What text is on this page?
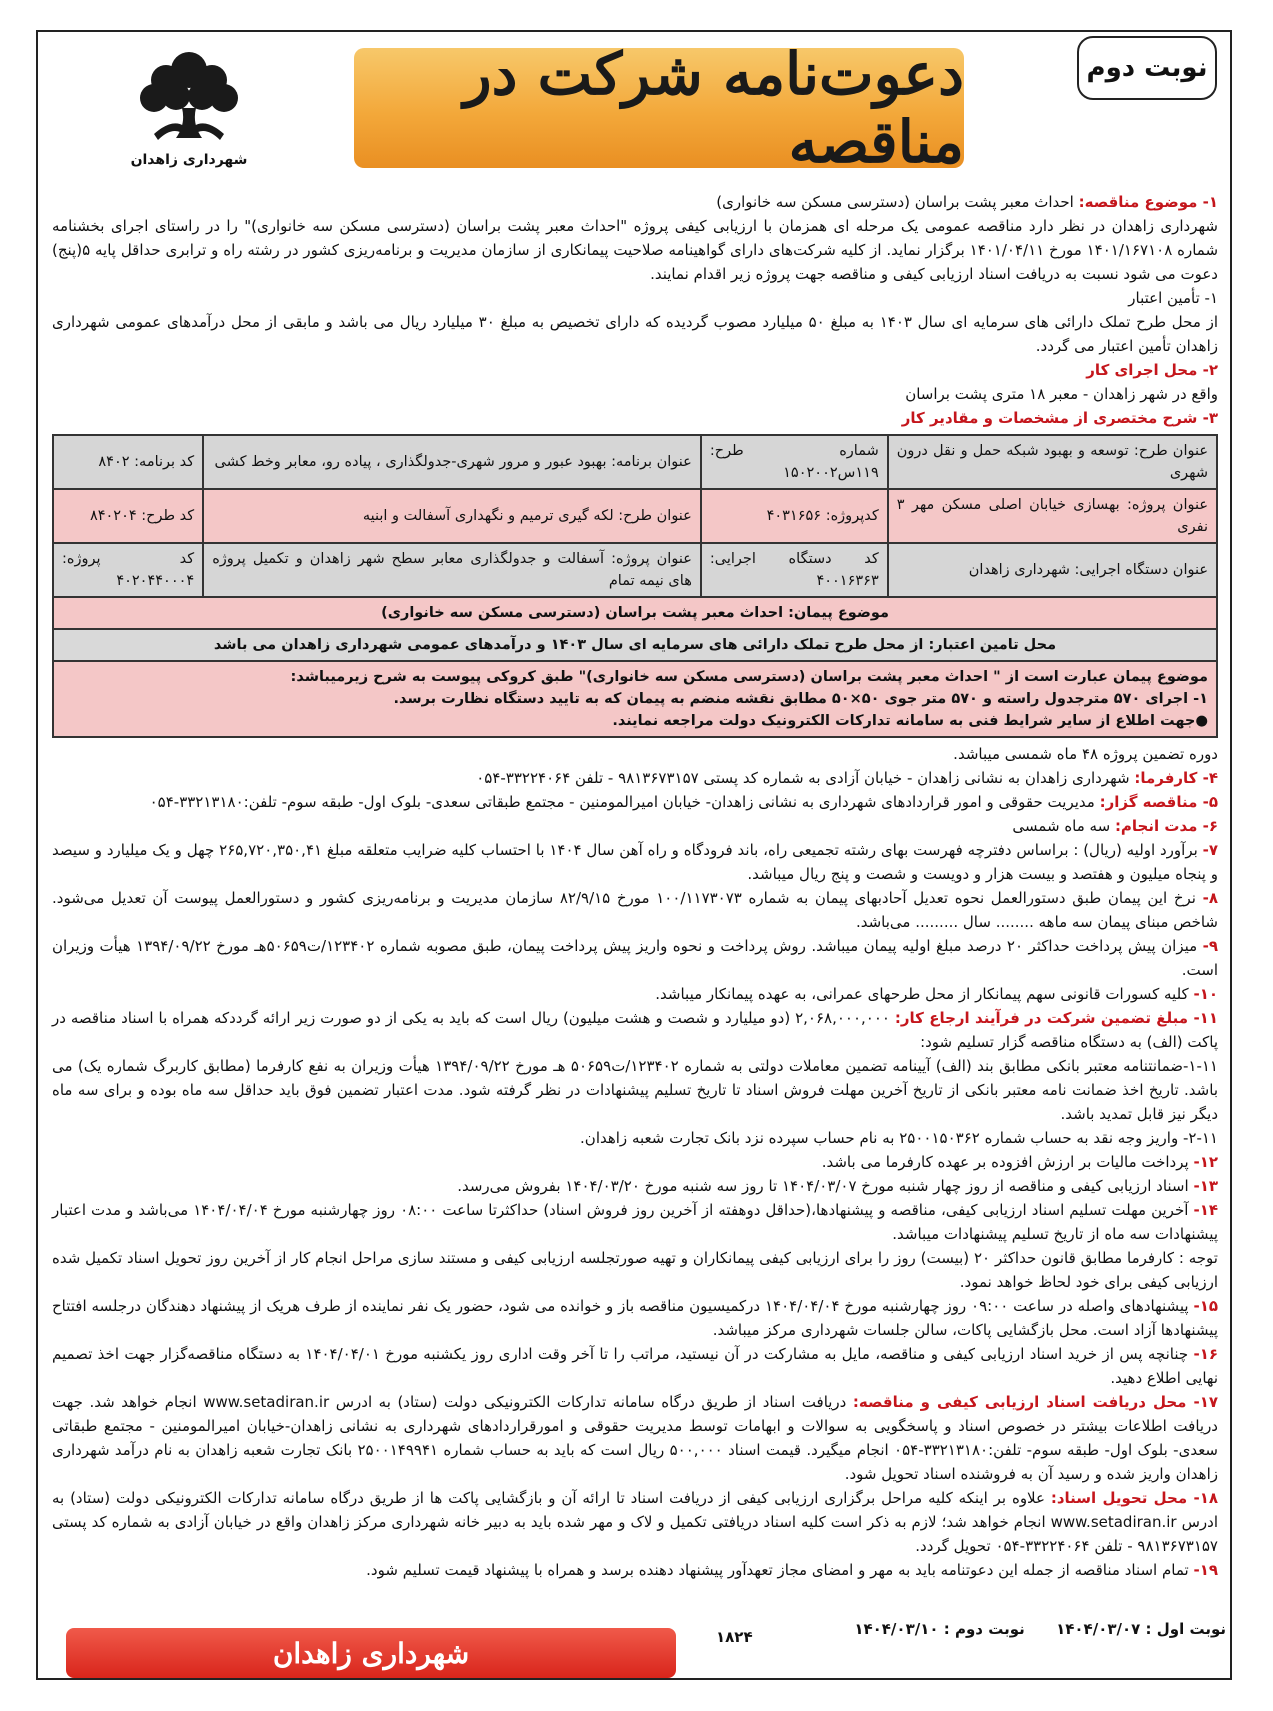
شهرداری زاهدان
دعوت‌نامه شرکت در مناقصه
نوبت دوم

۱- موضوع مناقصه: احداث معبر پشت براسان (دسترسی مسکن سه خانواری)

شهرداری زاهدان در نظر دارد مناقصه عمومی یک مرحله ای همزمان با ارزیابی کیفی پروژه "احداث معبر پشت براسان (دسترسی مسکن سه خانواری)" را در راستای اجرای بخشنامه شماره ۱۴۰۱/۱۶۷۱۰۸ مورخ ۱۴۰۱/۰۴/۱۱ برگزار نماید. از کلیه شرکت‌های دارای گواهینامه صلاحیت پیمانکاری از سازمان مدیریت و برنامه‌ریزی کشور در رشته راه و ترابری حداقل پایه ۵(پنج) دعوت می شود نسبت به دریافت اسناد ارزیابی کیفی و مناقصه جهت پروژه زیر اقدام نمایند.

۱- تأمین اعتبار

از محل طرح تملک دارائی های سرمایه ای سال ۱۴۰۳ به مبلغ ۵۰ میلیارد مصوب گردیده که دارای تخصیص به مبلغ ۳۰ میلیارد ریال می باشد و مابقی از محل درآمدهای عمومی شهرداری زاهدان تأمین اعتبار می گردد.

۲- محل اجرای کار

واقع در شهر زاهدان - معبر ۱۸ متری پشت براسان

۳- شرح مختصری از مشخصات و مقادیر کار

عنوان طرح: توسعه و بهبود شبکه حمل و نقل درون شهری	شماره طرح: ۱۱۹س۱۵۰۲۰۰۲	عنوان برنامه: بهبود عبور و مرور شهری-جدولگذاری ، پیاده رو، معابر وخط کشی	کد برنامه: ۸۴۰۲
عنوان پروژه: بهسازی خیابان اصلی مسکن مهر ۳ نفری	کدپروژه: ۴۰۳۱۶۵۶	عنوان طرح: لکه گیری ترمیم و نگهداری آسفالت و ابنیه	کد طرح: ۸۴۰۲۰۴
عنوان دستگاه اجرایی: شهرداری زاهدان	کد دستگاه اجرایی: ۴۰۰۱۶۳۶۳	عنوان پروژه: آسفالت و جدولگذاری معابر سطح شهر زاهدان و تکمیل پروژه های نیمه تمام	کد پروژه: ۴۰۲۰۴۴۰۰۰۴
موضوع پیمان: احداث معبر پشت براسان (دسترسی مسکن سه خانواری)			
محل تامین اعتبار: از محل طرح تملک دارائی های سرمایه ای سال ۱۴۰۳ و درآمدهای عمومی شهرداری زاهدان می باشد			

موضوع پیمان عبارت است از " احداث معبر پشت براسان (دسترسی مسکن سه خانواری)" طبق کروکی پیوست به شرح زیرمیباشد:
۱- اجرای ۵۷۰ مترجدول راسته و ۵۷۰ متر جوی ۵۰×۵۰ مطابق نقشه منضم به پیمان که به تایید دستگاه نظارت برسد.
●جهت اطلاع از سایر شرایط فنی به سامانه تدارکات الکترونیک دولت مراجعه نمایند.			

دوره تضمین پروژه ۴۸ ماه شمسی میباشد.

۴- کارفرما: شهرداری زاهدان به نشانی زاهدان - خیابان آزادی به شماره کد پستی ۹۸۱۳۶۷۳۱۵۷ - تلفن ۳۳۲۲۴۰۶۴-۰۵۴

۵- مناقصه گزار: مدیریت حقوقی و امور قراردادهای شهرداری به نشانی زاهدان- خیابان امیرالمومنین - مجتمع طبقاتی سعدی- بلوک اول- طبقه سوم- تلفن:۳۳۲۱۳۱۸۰-۰۵۴

۶- مدت انجام: سه ماه شمسی

۷- برآورد اولیه (ریال) : براساس دفترچه فهرست بهای رشته تجمیعی راه، باند فرودگاه و راه آهن سال ۱۴۰۴ با احتساب کلیه ضرایب متعلقه مبلغ ۲۶۵,۷۲۰,۳۵۰,۴۱ چهل و یک میلیارد و سیصد و پنجاه میلیون و هفتصد و بیست هزار و دویست و شصت و پنج ریال میباشد.

۸- نرخ این پیمان طبق دستورالعمل نحوه تعدیل آحادبهای پیمان به شماره ۱۰۰/۱۱۷۳۰۷۳ مورخ ۸۲/۹/۱۵ سازمان مدیریت و برنامه‌ریزی کشور و دستورالعمل پیوست آن تعدیل می‌شود. شاخص مبنای پیمان سه ماهه ........ سال ......... می‌باشد.

۹- میزان پیش پرداخت حداکثر ۲۰ درصد مبلغ اولیه پیمان میباشد. روش پرداخت و نحوه واریز پیش پرداخت پیمان، طبق مصوبه شماره ۱۲۳۴۰۲/ت۵۰۶۵۹هـ مورخ ۱۳۹۴/۰۹/۲۲ هیأت وزیران است.

۱۰- کلیه کسورات قانونی سهم پیمانکار از محل طرحهای عمرانی، به عهده پیمانکار میباشد.

۱۱- مبلغ تضمین شرکت در فرآیند ارجاع کار: ۲,۰۶۸,۰۰۰,۰۰۰ (دو میلیارد و شصت و هشت میلیون) ریال است که باید به یکی از دو صورت زیر ارائه گرددکه همراه با اسناد مناقصه در پاکت (الف) به دستگاه مناقصه گزار تسلیم شود:

۱-۱۱-ضمانتنامه معتبر بانکی مطابق بند (الف) آیینامه تضمین معاملات دولتی به شماره ۱۲۳۴۰۲/ت۵۰۶۵۹ هـ مورخ ۱۳۹۴/۰۹/۲۲ هیأت وزیران به نفع کارفرما (مطابق کاربرگ شماره یک) می باشد. تاریخ اخذ ضمانت نامه معتبر بانکی از تاریخ آخرین مهلت فروش اسناد تا تاریخ تسلیم پیشنهادات در نظر گرفته شود. مدت اعتبار تضمین فوق باید حداقل سه ماه بوده و برای سه ماه دیگر نیز قابل تمدید باشد.

۲-۱۱- واریز وجه نقد به حساب شماره ۲۵۰۰۱۵۰۳۶۲ به نام حساب سپرده نزد بانک تجارت شعبه زاهدان.

۱۲- پرداخت مالیات بر ارزش افزوده بر عهده کارفرما می باشد.

۱۳- اسناد ارزیابی کیفی و مناقصه از روز چهار شنبه مورخ ۱۴۰۴/۰۳/۰۷ تا روز سه شنبه مورخ ۱۴۰۴/۰۳/۲۰ بفروش می‌رسد.

۱۴- آخرین مهلت تسلیم اسناد ارزیابی کیفی، مناقصه و پیشنهادها،(حداقل دوهفته از آخرین روز فروش اسناد) حداکثرتا ساعت ۰۸:۰۰ روز چهارشنبه مورخ ۱۴۰۴/۰۴/۰۴ می‌باشد و مدت اعتبار پیشنهادات سه ماه از تاریخ تسلیم پیشنهادات میباشد.

توجه : کارفرما مطابق قانون حداکثر ۲۰ (بیست) روز را برای ارزیابی کیفی پیمانکاران و تهیه صورتجلسه ارزیابی کیفی و مستند سازی مراحل انجام کار از آخرین روز تحویل اسناد تکمیل شده ارزیابی کیفی برای خود لحاظ خواهد نمود.

۱۵- پیشنهادهای واصله در ساعت ۰۹:۰۰ روز چهارشنبه مورخ ۱۴۰۴/۰۴/۰۴ درکمیسیون مناقصه باز و خوانده می شود، حضور یک نفر نماینده از طرف هریک از پیشنهاد دهندگان درجلسه افتتاح پیشنهادها آزاد است. محل بازگشایی پاکات، سالن جلسات شهرداری مرکز میباشد.

۱۶- چنانچه پس از خرید اسناد ارزیابی کیفی و مناقصه، مایل به مشارکت در آن نیستید، مراتب را تا آخر وقت اداری روز یکشنبه مورخ ۱۴۰۴/۰۴/۰۱ به دستگاه مناقصه‌گزار جهت اخذ تصمیم نهایی اطلاع دهید.

۱۷- محل دریافت اسناد ارزیابی کیفی و مناقصه: دریافت اسناد از طریق درگاه سامانه تدارکات الکترونیکی دولت (ستاد) به ادرس www.setadiran.ir انجام خواهد شد. جهت دریافت اطلاعات بیشتر در خصوص اسناد و پاسخگویی به سوالات و ابهامات توسط مدیریت حقوقی و امورقراردادهای شهرداری به نشانی زاهدان-خیابان امیرالمومنین - مجتمع طبقاتی سعدی- بلوک اول- طبقه سوم- تلفن:۳۳۲۱۳۱۸۰-۰۵۴ انجام میگیرد. قیمت اسناد ۵۰۰,۰۰۰ ریال است که باید به حساب شماره ۲۵۰۰۱۴۹۹۴۱ بانک تجارت شعبه زاهدان به نام درآمد شهرداری زاهدان واریز شده و رسید آن به فروشنده اسناد تحویل شود.

۱۸- محل تحویل اسناد: علاوه بر اینکه کلیه مراحل برگزاری ارزیابی کیفی از دریافت اسناد تا ارائه آن و بازگشایی پاکت ها از طریق درگاه سامانه تدارکات الکترونیکی دولت (ستاد) به ادرس www.setadiran.ir انجام خواهد شد؛ لازم به ذکر است کلیه اسناد دریافتی تکمیل و لاک و مهر شده باید به دبیر خانه شهرداری مرکز زاهدان واقع در خیابان آزادی به شماره کد پستی ۹۸۱۳۶۷۳۱۵۷ - تلفن ۳۳۲۲۴۰۶۴-۰۵۴ تحویل گردد.

۱۹- تمام اسناد مناقصه از جمله این دعوتنامه باید به مهر و امضای مجاز تعهدآور پیشنهاد دهنده برسد و همراه با پیشنهاد قیمت تسلیم شود.

شهرداری زاهدان	۱۸۲۴	نوبت اول : ۱۴۰۴/۰۳/۰۷      نوبت دوم : ۱۴۰۴/۰۳/۱۰
